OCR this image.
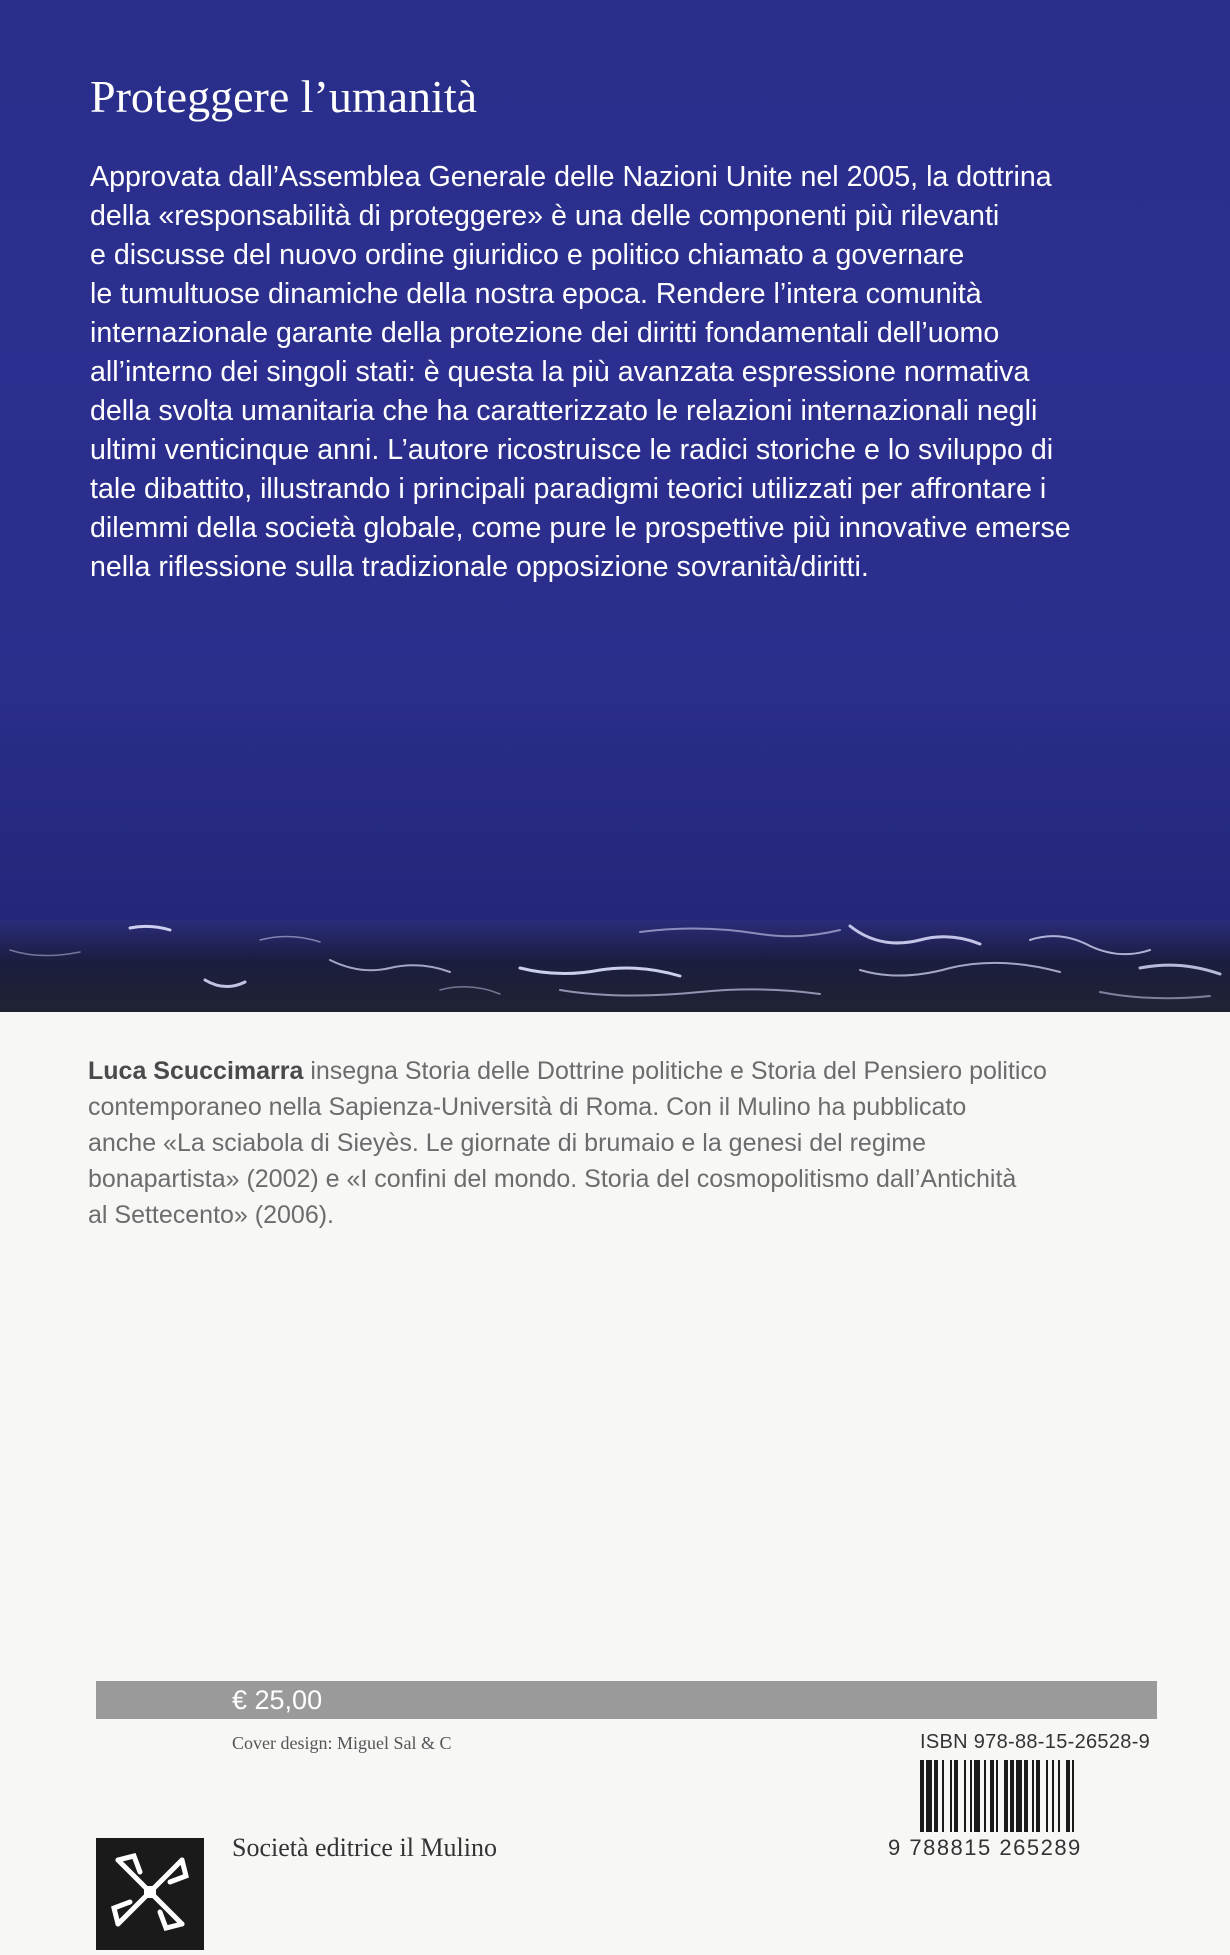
Proteggere l’umanità

Approvata dall’Assemblea Generale delle Nazioni Unite nel 2005, la dottrina
della «responsabilità di proteggere» è una delle componenti più rilevanti
e discusse del nuovo ordine giuridico e politico chiamato a governare
le tumultuose dinamiche della nostra epoca. Rendere l’intera comunità
internazionale garante della protezione dei diritti fondamentali dell’uomo
all’interno dei singoli stati: è questa la più avanzata espressione normativa
della svolta umanitaria che ha caratterizzato le relazioni internazionali negli
ultimi venticinque anni. L’autore ricostruisce le radici storiche e lo sviluppo di
tale dibattito, illustrando i principali paradigmi teorici utilizzati per affrontare i
dilemmi della società globale, come pure le prospettive più innovative emerse
nella riflessione sulla tradizionale opposizione sovranità/diritti.

Luca Scuccimarra insegna Storia delle Dottrine politiche e Storia del Pensiero politico
contemporaneo nella Sapienza-Università di Roma. Con il Mulino ha pubblicato
anche «La sciabola di Sieyès. Le giornate di brumaio e la genesi del regime
bonapartista» (2002) e «I confini del mondo. Storia del cosmopolitismo dall’Antichità
al Settecento» (2006).

€ 25,00
Cover design: Miguel Sal & C	ISBN 978-88-15-26528-9
9 788815 265289
Società editrice il Mulino
